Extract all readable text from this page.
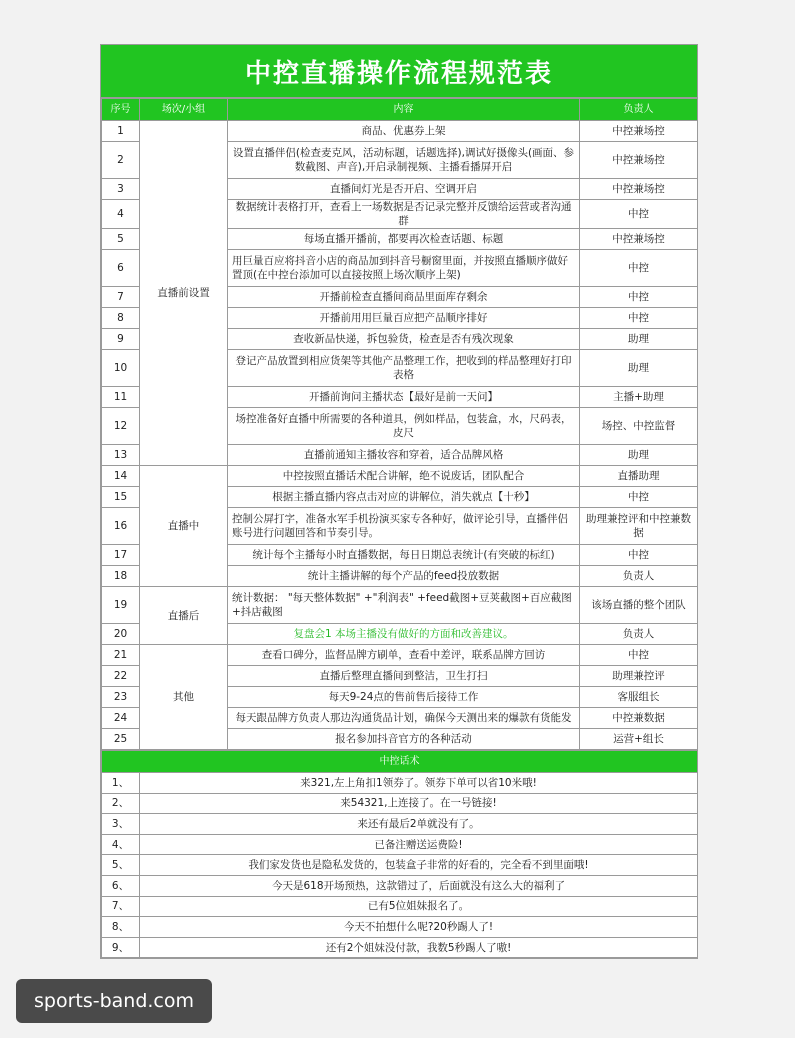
中控直播操作流程规范表
序号	场次/小组	内容	负责人
1	直播前设置	商品、优惠券上架	中控兼场控
2		设置直播伴侣(检查麦克风，活动标题，话题选择),调试好摄像头(画面、参数截图、声音),开启录制视频、主播看播屏开启	中控兼场控
3		直播间灯光是否开启、空调开启	中控兼场控
4		数据统计表格打开，查看上一场数据是否记录完整并反馈给运营或者沟通群	中控
5		每场直播开播前，都要再次检查话题、标题	中控兼场控
6		用巨量百应将抖音小店的商品加到抖音号橱窗里面，并按照直播顺序做好置顶(在中控台添加可以直接按照上场次顺序上架)	中控
7		开播前检查直播间商品里面库存剩余	中控
8		开播前用用巨量百应把产品顺序排好	中控
9		查收新品快递，拆包验货，检查是否有残次现象	助理
10		登记产品放置到相应货架等其他产品整理工作，把收到的样品整理好打印表格	助理
11		开播前询问主播状态【最好是前一天问】	主播+助理
12		场控准备好直播中所需要的各种道具，例如样品，包装盒，水，尺码表，皮尺	场控、中控监督
13		直播前通知主播妆容和穿着，适合品牌风格	助理
14	直播中	中控按照直播话术配合讲解，绝不说废话，团队配合	直播助理
15		根据主播直播内容点击对应的讲解位，消失就点【十秒】	中控
16		控制公屏打字，准备水军手机扮演买家专各种好，做评论引导，直播伴侣账号进行问题回答和节奏引导。	助理兼控评和中控兼数据
17		统计每个主播每小时直播数据，每日日期总表统计(有突破的标红)	中控
18		统计主播讲解的每个产品的feed投放数据	负责人
19	直播后	统计数据： "每天整体数据" +"利润表" +feed截图+豆荚截图+百应截图+抖店截图	该场直播的整个团队
20		复盘会1 本场主播没有做好的方面和改善建议。	负责人
21	其他	查看口碑分，监督品牌方刷单，查看中差评，联系品牌方回访	中控
22		直播后整理直播间到整洁，卫生打扫	助理兼控评
23		每天9-24点的售前售后接待工作	客服组长
24		每天跟品牌方负责人那边沟通货品计划，确保今天测出来的爆款有货能发	中控兼数据
25		报名参加抖音官方的各种活动	运营+组长
中控话术	
1、	来321,左上角扣1领券了。领券下单可以省10米哦!
2、	来54321,上连接了。在一号链接!
3、	来还有最后2单就没有了。
4、	已备注赠送运费险!
5、	我们家发货也是隐私发货的，包装盒子非常的好看的，完全看不到里面哦!
6、	今天是618开场预热，这款错过了，后面就没有这么大的福利了
7、	已有5位姐妹报名了。
8、	今天不拍想什么呢?20秒踢人了!
9、	还有2个姐妹没付款，我数5秒踢人了嗷!
sports-band.com
